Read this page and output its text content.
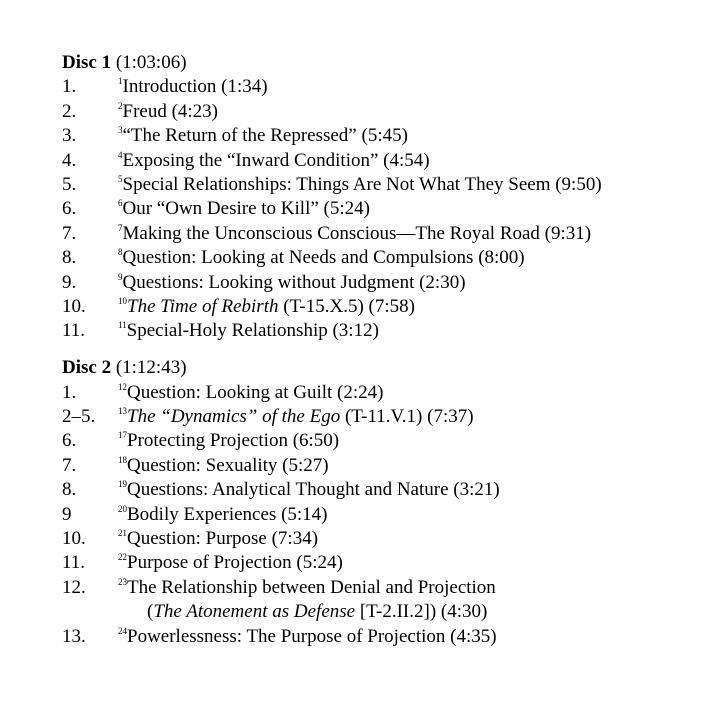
Disc 1 (1:03:06)
1.	$^1$Introduction (1:34)
2.	$^2$Freud (4:23)
3.	$^3$“The Return of the Repressed” (5:45)
4.	$^4$Exposing the “Inward Condition” (4:54)
5.	$^5$Special Relationships: Things Are Not What They Seem (9:50)
6.	$^6$Our “Own Desire to Kill” (5:24)
7.	$^7$Making the Unconscious Conscious—The Royal Road (9:31)
8.	$^8$Question: Looking at Needs and Compulsions (8:00)
9.	$^9$Questions: Looking without Judgment (2:30)
10.	$^{10}$The Time of Rebirth (T-15.X.5) (7:58)
11.	$^{11}$Special-Holy Relationship (3:12)
Disc 2 (1:12:43)
1.	$^{12}$Question: Looking at Guilt (2:24)
2–5.	$^{13}$The “Dynamics” of the Ego (T-11.V.1) (7:37)
6.	$^{17}$Protecting Projection (6:50)
7.	$^{18}$Question: Sexuality (5:27)
8.	$^{19}$Questions: Analytical Thought and Nature (3:21)
9	$^{20}$Bodily Experiences (5:14)
10.	$^{21}$Question: Purpose (7:34)
11.	$^{22}$Purpose of Projection (5:24)
12.	$^{23}$The Relationship between Denial and Projection
(The Atonement as Defense [T-2.II.2]) (4:30)
13.	$^{24}$Powerlessness: The Purpose of Projection (4:35)
